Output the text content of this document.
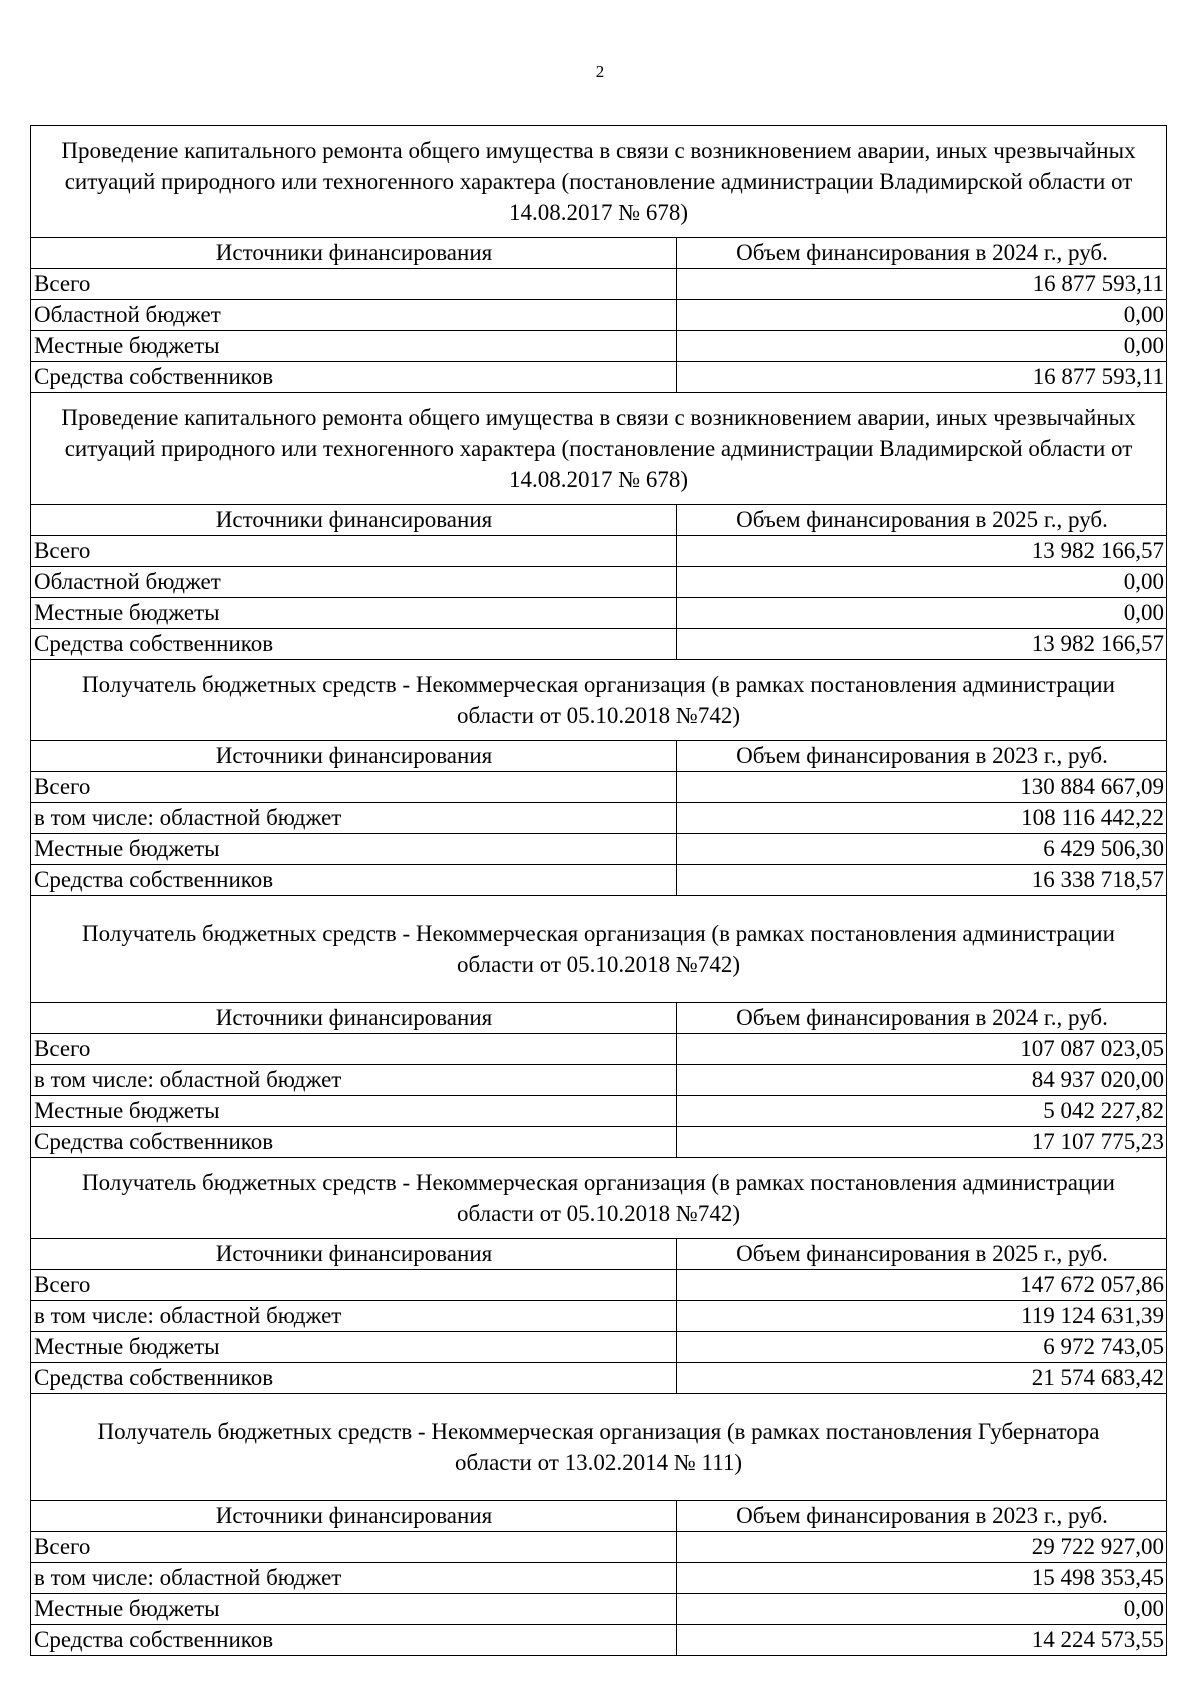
2
Проведение капитального ремонта общего имущества в связи с возникновением аварии, иных чрезвычайных ситуаций природного или техногенного характера (постановление администрации Владимирской области от 14.08.2017 № 678)
Источники финансирования	Объем финансирования в 2024 г., руб.
Всего	16 877 593,11
Областной бюджет	0,00
Местные бюджеты	0,00
Средства собственников	16 877 593,11
Проведение капитального ремонта общего имущества в связи с возникновением аварии, иных чрезвычайных ситуаций природного или техногенного характера (постановление администрации Владимирской области от 14.08.2017 № 678)
Источники финансирования	Объем финансирования в 2025 г., руб.
Всего	13 982 166,57
Областной бюджет	0,00
Местные бюджеты	0,00
Средства собственников	13 982 166,57
Получатель бюджетных средств - Некоммерческая организация (в рамках постановления администрации области от 05.10.2018 №742)
Источники финансирования	Объем финансирования в 2023 г., руб.
Всего	130 884 667,09
в том числе: областной бюджет	108 116 442,22
Местные бюджеты	6 429 506,30
Средства собственников	16 338 718,57
Получатель бюджетных средств - Некоммерческая организация (в рамках постановления администрации области от 05.10.2018 №742)
Источники финансирования	Объем финансирования в 2024 г., руб.
Всего	107 087 023,05
в том числе: областной бюджет	84 937 020,00
Местные бюджеты	5 042 227,82
Средства собственников	17 107 775,23
Получатель бюджетных средств - Некоммерческая организация (в рамках постановления администрации области от 05.10.2018 №742)
Источники финансирования	Объем финансирования в 2025 г., руб.
Всего	147 672 057,86
в том числе: областной бюджет	119 124 631,39
Местные бюджеты	6 972 743,05
Средства собственников	21 574 683,42
Получатель бюджетных средств - Некоммерческая организация (в рамках постановления Губернатора области от 13.02.2014 № 111)
Источники финансирования	Объем финансирования в 2023 г., руб.
Всего	29 722 927,00
в том числе: областной бюджет	15 498 353,45
Местные бюджеты	0,00
Средства собственников	14 224 573,55
